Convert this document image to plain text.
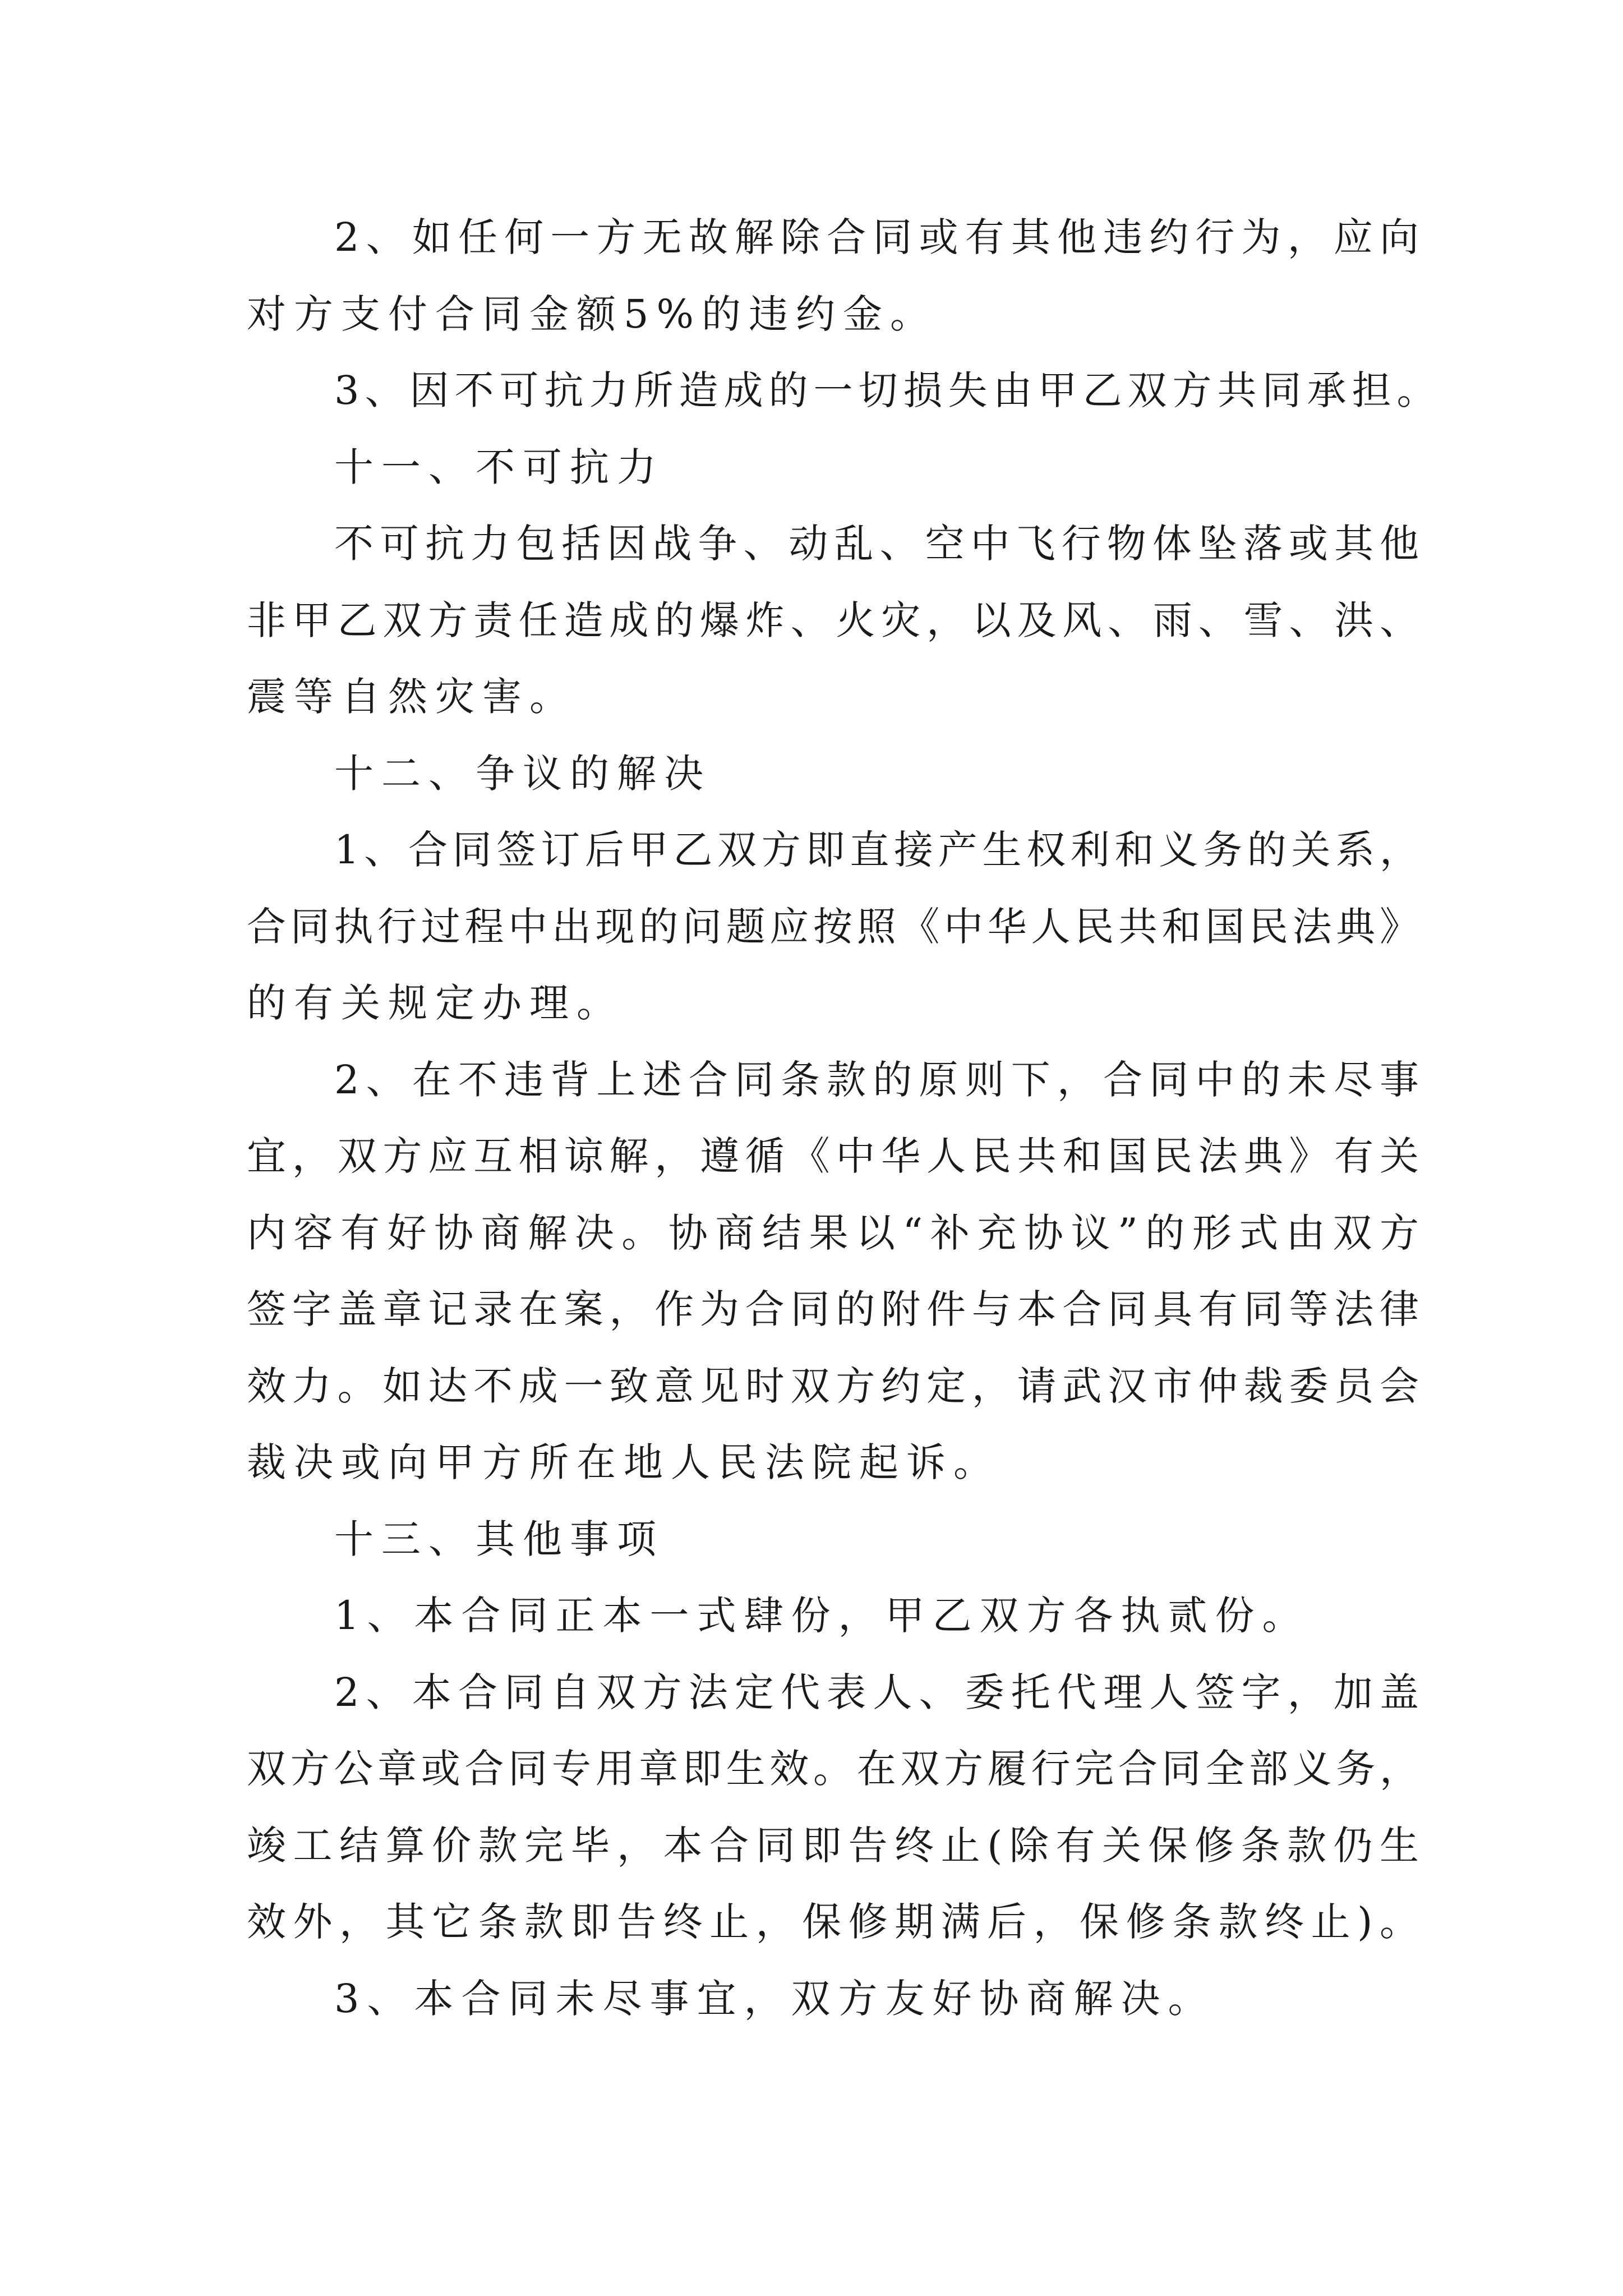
2、如任何一方无故解除合同或有其他违约行为，应向
对方支付合同金额5%的违约金。
3、因不可抗力所造成的一切损失由甲乙双方共同承担。
十一、不可抗力
不可抗力包括因战争、动乱、空中飞行物体坠落或其他
非甲乙双方责任造成的爆炸、火灾，以及风、雨、雪、洪、
震等自然灾害。
十二、争议的解决
1、合同签订后甲乙双方即直接产生权利和义务的关系，
合同执行过程中出现的问题应按照《中华人民共和国民法典》
的有关规定办理。
2、在不违背上述合同条款的原则下，合同中的未尽事
宜，双方应互相谅解，遵循《中华人民共和国民法典》有关
内容有好协商解决。协商结果以“补充协议”的形式由双方
签字盖章记录在案，作为合同的附件与本合同具有同等法律
效力。如达不成一致意见时双方约定，请武汉市仲裁委员会
裁决或向甲方所在地人民法院起诉。
十三、其他事项
1、本合同正本一式肆份，甲乙双方各执贰份。
2、本合同自双方法定代表人、委托代理人签字，加盖
双方公章或合同专用章即生效。在双方履行完合同全部义务，
竣工结算价款完毕，本合同即告终止(除有关保修条款仍生
效外，其它条款即告终止，保修期满后，保修条款终止)。
3、本合同未尽事宜，双方友好协商解决。
